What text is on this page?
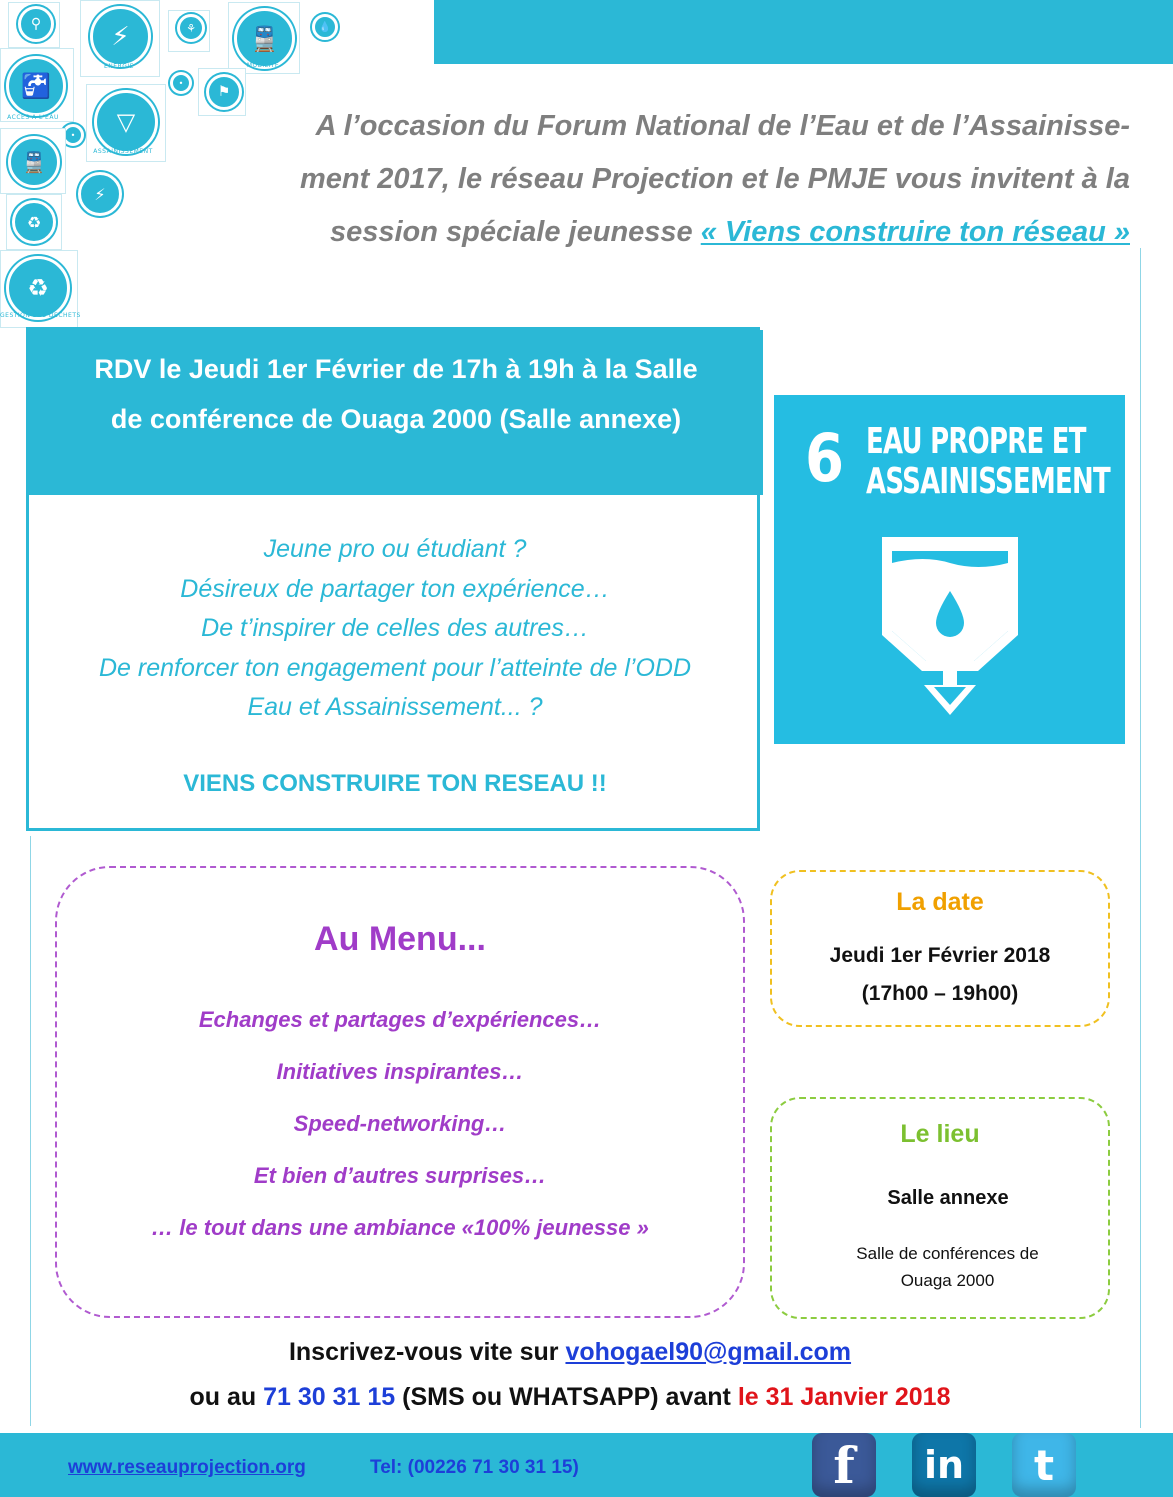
⚲	⚡
ENERGIE
⚘	🚆
MOBILITE
💧
🚰
ACCES A L'EAU
•
⚑
▽
ASSAINISSEMENT
•
🚆
⚡
♻
♻
GESTION DES DECHETS
A l’occasion du Forum National de l’Eau et de l’Assainisse-
ment 2017, le réseau Projection et le PMJE vous invitent à la
session spéciale jeunesse « Viens construire ton réseau »
RDV le Jeudi 1er Février de 17h à 19h à la Salle
de conférence de Ouaga 2000 (Salle annexe)
Jeune pro ou étudiant ?
Désireux de partager ton expérience…
De t’inspirer de celles des autres…
De renforcer ton engagement pour l’atteinte de l’ODD
Eau et Assainissement... ?
VIENS CONSTRUIRE TON RESEAU !!
6 EAU PROPRE ET
ASSAINISSEMENT
Au Menu...
Echanges et partages d’expériences…
Initiatives inspirantes…
Speed-networking…
Et bien d’autres surprises…
… le tout dans une ambiance «100% jeunesse »
La date
Jeudi 1er Février 2018
(17h00 – 19h00)
Le lieu
Salle annexe
Salle de conférences de
Ouaga 2000
Inscrivez-vous vite sur vohogael90@gmail.com
ou au 71 30 31 15 (SMS ou WHATSAPP) avant le 31 Janvier 2018
www.reseauprojection.org	Tel: (00226 71 30 31 15)	f in t
